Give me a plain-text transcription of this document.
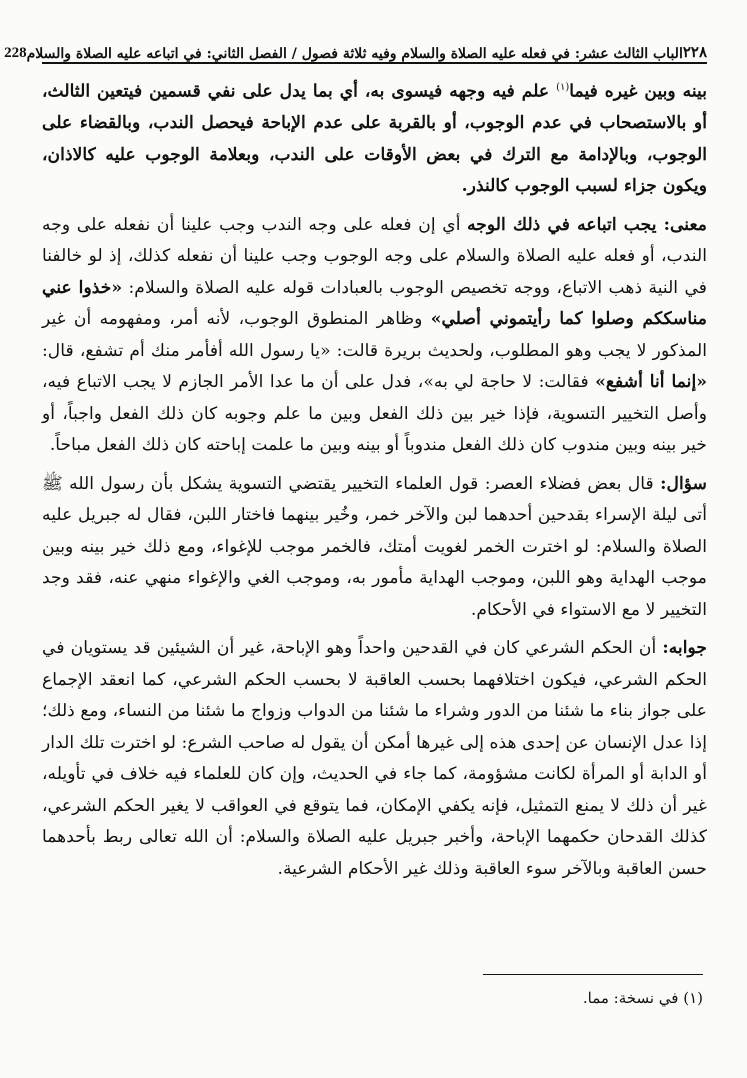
٢٢٨
الباب الثالث عشر: في فعله عليه الصلاة والسلام وفيه ثلاثة فصول / الفصل الثاني: في اتباعه عليه الصلاة والسلام
228

بينه وبين غيره فيما$^{(١)}$ علم فيه وجهه فيسوى به، أي بما يدل على نفي قسمين فيتعين الثالث، أو بالاستصحاب في عدم الوجوب، أو بالقربة على عدم الإباحة فيحصل الندب، وبالقضاء على الوجوب، وبالإدامة مع الترك في بعض الأوقات على الندب، وبعلامة الوجوب عليه كالاذان، ويكون جزاء لسبب الوجوب كالنذر.

معنى: يجب اتباعه في ذلك الوجه أي إن فعله على وجه الندب وجب علينا أن نفعله على وجه الندب، أو فعله عليه الصلاة والسلام على وجه الوجوب وجب علينا أن نفعله كذلك، إذ لو خالفنا في النية ذهب الاتباع، ووجه تخصيص الوجوب بالعبادات قوله عليه الصلاة والسلام: «خذوا عني مناسككم وصلوا كما رأيتموني أصلي» وظاهر المنطوق الوجوب، لأنه أمر، ومفهومه أن غير المذكور لا يجب وهو المطلوب، ولحديث بريرة قالت: «يا رسول الله أفأمر منك أم تشفع، قال: «إنما أنا أشفع» فقالت: لا حاجة لي به»، فدل على أن ما عدا الأمر الجازم لا يجب الاتباع فيه، وأصل التخيير التسوية، فإذا خير بين ذلك الفعل وبين ما علم وجوبه كان ذلك الفعل واجباً، أو خير بينه وبين مندوب كان ذلك الفعل مندوباً أو بينه وبين ما علمت إباحته كان ذلك الفعل مباحاً.

سؤال: قال بعض فضلاء العصر: قول العلماء التخيير يقتضي التسوية يشكل بأن رسول الله ﷺ أتى ليلة الإسراء بقدحين أحدهما لبن والآخر خمر، وخُير بينهما فاختار اللبن، فقال له جبريل عليه الصلاة والسلام: لو اخترت الخمر لغويت أمتك، فالخمر موجب للإغواء، ومع ذلك خير بينه وبين موجب الهداية وهو اللبن، وموجب الهداية مأمور به، وموجب الغي والإغواء منهي عنه، فقد وجد التخيير لا مع الاستواء في الأحكام.

جوابه: أن الحكم الشرعي كان في القدحين واحداً وهو الإباحة، غير أن الشيئين قد يستويان في الحكم الشرعي، فيكون اختلافهما بحسب العاقبة لا بحسب الحكم الشرعي، كما انعقد الإجماع على جواز بناء ما شئنا من الدور وشراء ما شئنا من الدواب وزواج ما شئنا من النساء، ومع ذلك؛ إذا عدل الإنسان عن إحدى هذه إلى غيرها أمكن أن يقول له صاحب الشرع: لو اخترت تلك الدار أو الدابة أو المرأة لكانت مشؤومة، كما جاء في الحديث، وإن كان للعلماء فيه خلاف في تأويله، غير أن ذلك لا يمنع التمثيل، فإنه يكفي الإمكان، فما يتوقع في العواقب لا يغير الحكم الشرعي، كذلك القدحان حكمهما الإباحة، وأخبر جبريل عليه الصلاة والسلام: أن الله تعالى ربط بأحدهما حسن العاقبة وبالآخر سوء العاقبة وذلك غير الأحكام الشرعية.

(١) في نسخة: مما.
